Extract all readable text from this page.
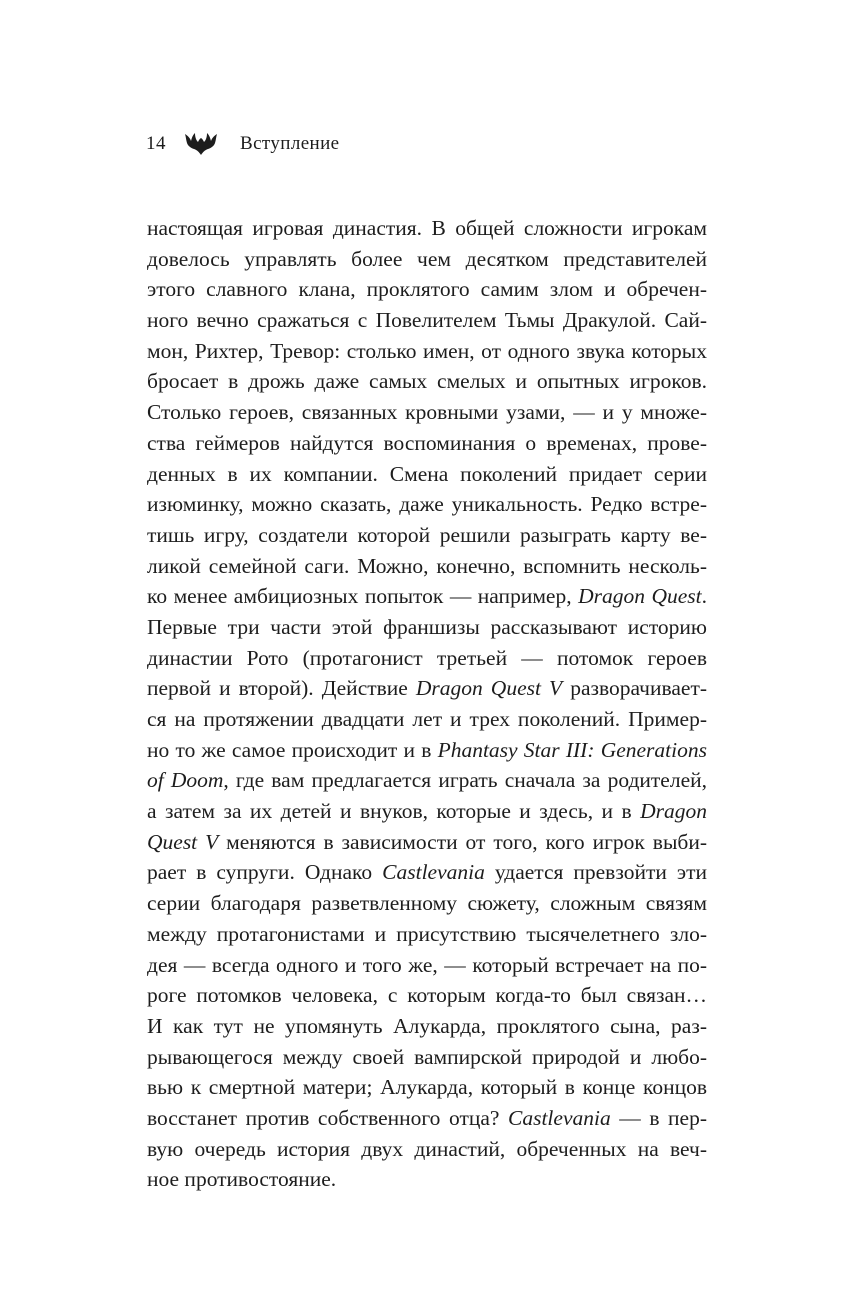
14	Вступление
настоящая игровая династия. В общей сложности игрокам
довелось управлять более чем десятком представителей
этого славного клана, проклятого самим злом и обречен-
ного вечно сражаться с Повелителем Тьмы Дракулой. Сай-
мон, Рихтер, Тревор: столько имен, от одного звука которых
бросает в дрожь даже самых смелых и опытных игроков.
Столько героев, связанных кровными узами, — и у множе-
ства геймеров найдутся воспоминания о временах, прове-
денных в их компании. Смена поколений придает серии
изюминку, можно сказать, даже уникальность. Редко встре-
тишь игру, создатели которой решили разыграть карту ве-
ликой семейной саги. Можно, конечно, вспомнить несколь-
ко менее амбициозных попыток — например, Dragon Quest.
Первые три части этой франшизы рассказывают историю
династии Рото (протагонист третьей — потомок героев
первой и второй). Действие Dragon Quest V разворачивает-
ся на протяжении двадцати лет и трех поколений. Пример-
но то же самое происходит и в Phantasy Star III: Generations
of Doom, где вам предлагается играть сначала за родителей,
а затем за их детей и внуков, которые и здесь, и в Dragon
Quest V меняются в зависимости от того, кого игрок выби-
рает в супруги. Однако Castlevania удается превзойти эти
серии благодаря разветвленному сюжету, сложным связям
между протагонистами и присутствию тысячелетнего зло-
дея — всегда одного и того же, — который встречает на по-
роге потомков человека, с которым когда-то был связан…
И как тут не упомянуть Алукарда, проклятого сына, раз-
рывающегося между своей вампирской природой и любо-
вью к смертной матери; Алукарда, который в конце концов
восстанет против собственного отца? Castlevania — в пер-
вую очередь история двух династий, обреченных на веч-
ное противостояние.
